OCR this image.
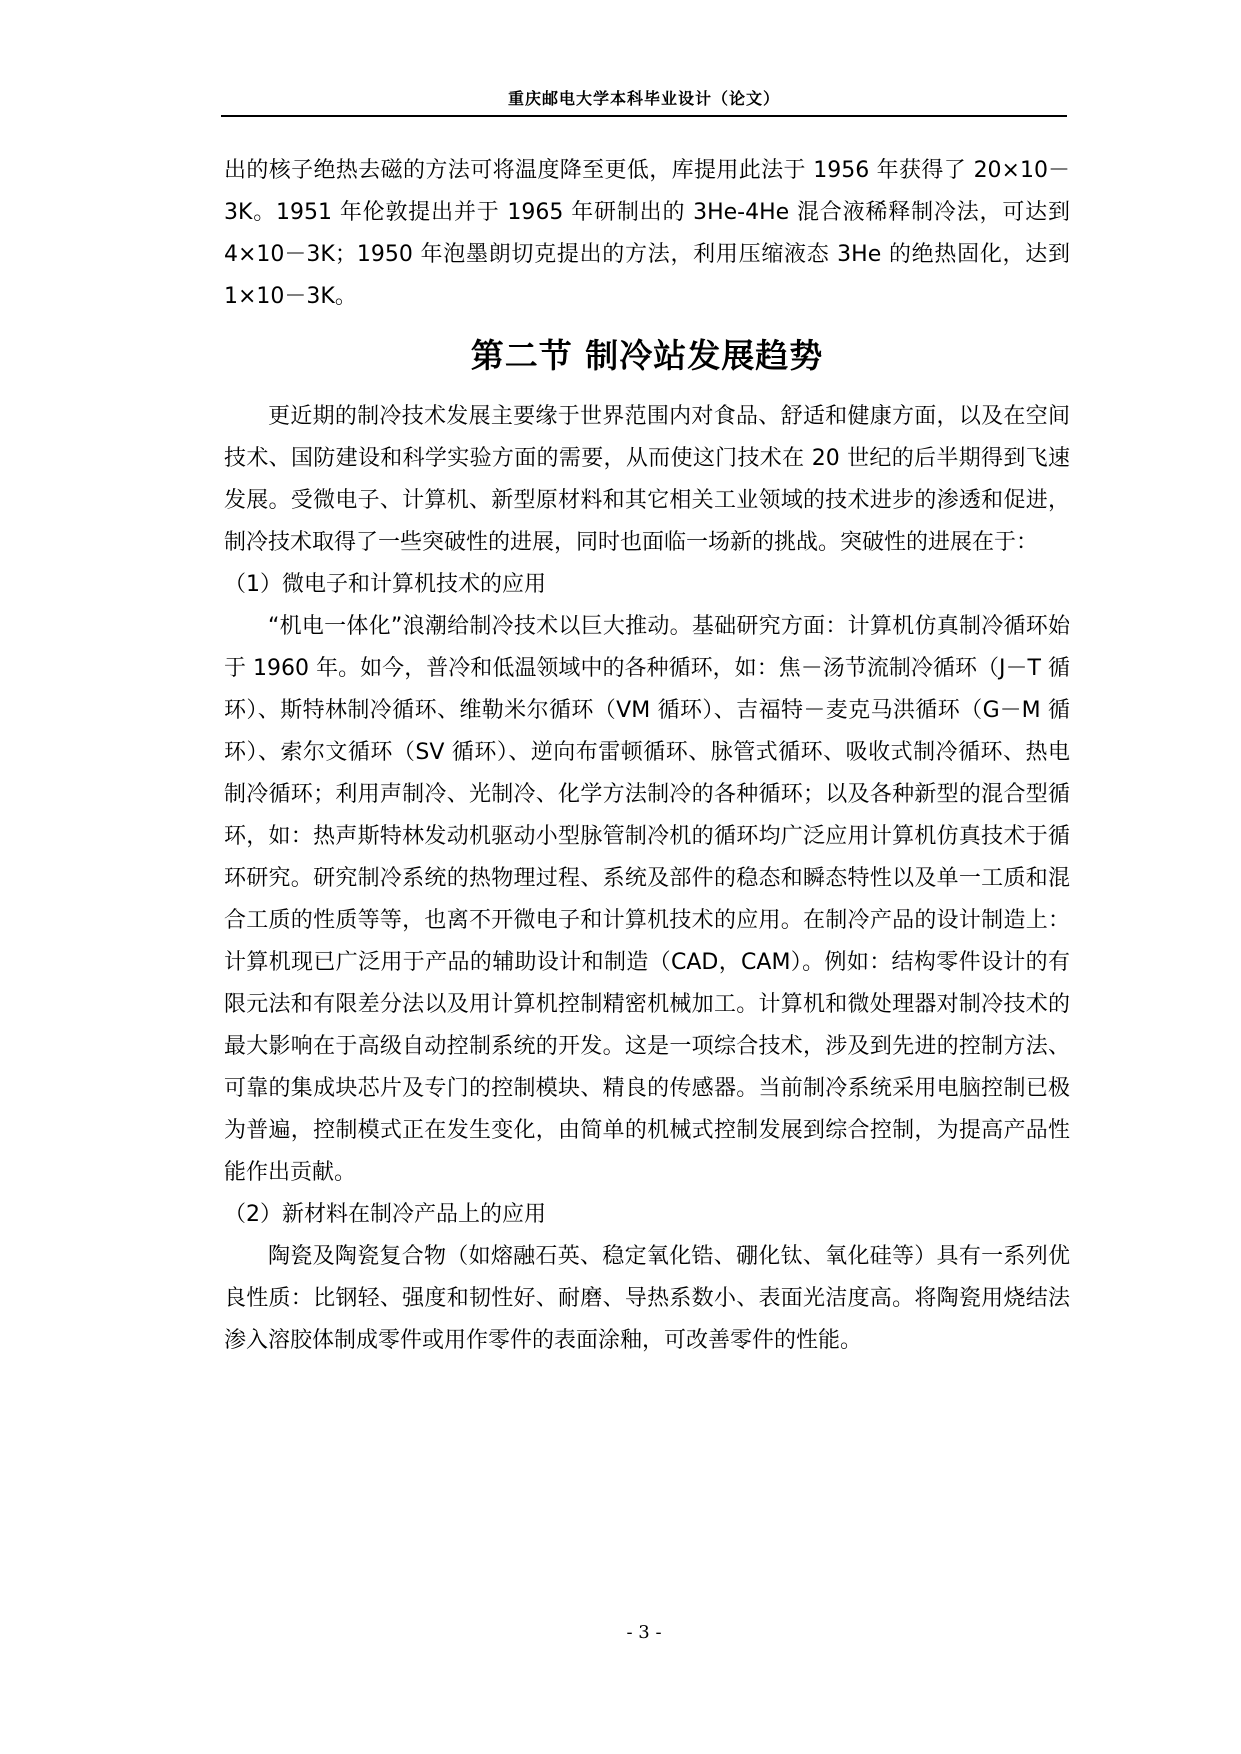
重庆邮电大学本科毕业设计（论文）

出的核子绝热去磁的方法可将温度降至更低，库提用此法于 1956 年获得了 20×10－3K。1951 年伦敦提出并于 1965 年研制出的 3He-4He 混合液稀释制冷法，可达到 4×10－3K；1950 年泡墨朗切克提出的方法，利用压缩液态 3He 的绝热固化，达到 1×10－3K。

第二节 制冷站发展趋势

更近期的制冷技术发展主要缘于世界范围内对食品、舒适和健康方面，以及在空间技术、国防建设和科学实验方面的需要，从而使这门技术在 20 世纪的后半期得到飞速发展。受微电子、计算机、新型原材料和其它相关工业领域的技术进步的渗透和促进，制冷技术取得了一些突破性的进展，同时也面临一场新的挑战。突破性的进展在于：

（1）微电子和计算机技术的应用

“机电一体化”浪潮给制冷技术以巨大推动。基础研究方面：计算机仿真制冷循环始于 1960 年。如今，普冷和低温领域中的各种循环，如：焦－汤节流制冷循环（J－T 循环）、斯特林制冷循环、维勒米尔循环（VM 循环）、吉福特－麦克马洪循环（G－M 循环）、索尔文循环（SV 循环）、逆向布雷顿循环、脉管式循环、吸收式制冷循环、热电制冷循环；利用声制冷、光制冷、化学方法制冷的各种循环；以及各种新型的混合型循环，如：热声斯特林发动机驱动小型脉管制冷机的循环均广泛应用计算机仿真技术于循环研究。研究制冷系统的热物理过程、系统及部件的稳态和瞬态特性以及单一工质和混合工质的性质等等，也离不开微电子和计算机技术的应用。在制冷产品的设计制造上：计算机现已广泛用于产品的辅助设计和制造（CAD，CAM）。例如：结构零件设计的有限元法和有限差分法以及用计算机控制精密机械加工。计算机和微处理器对制冷技术的最大影响在于高级自动控制系统的开发。这是一项综合技术，涉及到先进的控制方法、可靠的集成块芯片及专门的控制模块、精良的传感器。当前制冷系统采用电脑控制已极为普遍，控制模式正在发生变化，由简单的机械式控制发展到综合控制，为提高产品性能作出贡献。

（2）新材料在制冷产品上的应用

陶瓷及陶瓷复合物（如熔融石英、稳定氧化锆、硼化钛、氧化硅等）具有一系列优良性质：比钢轻、强度和韧性好、耐磨、导热系数小、表面光洁度高。将陶瓷用烧结法渗入溶胶体制成零件或用作零件的表面涂釉，可改善零件的性能。

- 3 -
